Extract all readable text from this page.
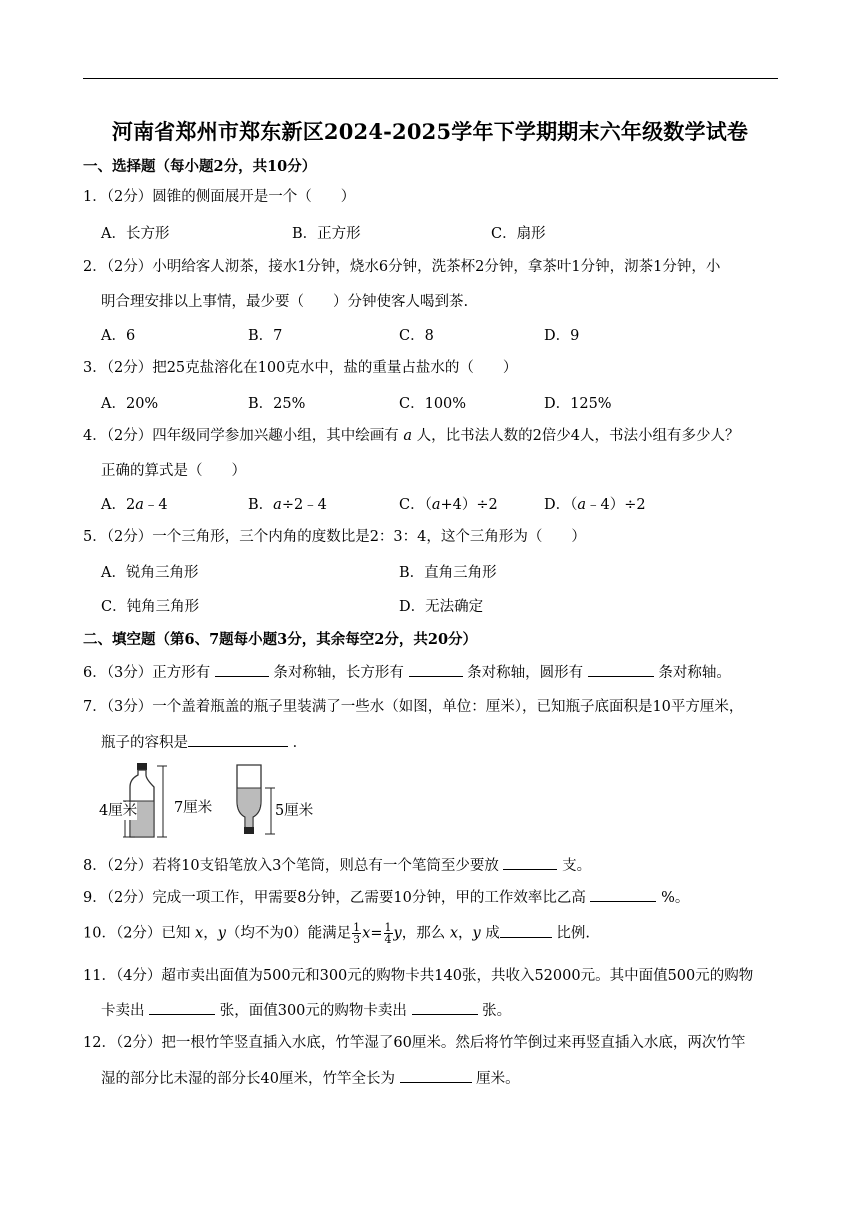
河南省郑州市郑东新区2024-2025学年下学期期末六年级数学试卷
一、选择题（每小题2分，共10分）
1．（2分）圆锥的侧面展开是一个（　　）
A．长方形	B．正方形	C．扇形
2．（2分）小明给客人沏茶，接水1分钟，烧水6分钟，洗茶杯2分钟，拿茶叶1分钟，沏茶1分钟，小
明合理安排以上事情，最少要（　　）分钟使客人喝到茶.
A．6	B．7	C．8	D．9
3．（2分）把25克盐溶化在100克水中，盐的重量占盐水的（　　）
A．20%	B．25%	C．100%	D．125%
4．（2分）四年级同学参加兴趣小组，其中绘画有 a 人，比书法人数的2倍少4人，书法小组有多少人？
正确的算式是（　　）
A．2a﹣4	B．a÷2﹣4	C．（a+4）÷2	D．（a﹣4）÷2
5．（2分）一个三角形，三个内角的度数比是2：3：4，这个三角形为（　　）
A．锐角三角形	B．直角三角形
C．钝角三角形	D．无法确定
二、填空题（第6、7题每小题3分，其余每空2分，共20分）
6．（3分）正方形有	条对称轴，长方形有	条对称轴，圆形有	条对称轴。
7．（3分）一个盖着瓶盖的瓶子里装满了一些水（如图，单位：厘米），已知瓶子底面积是10平方厘米，
瓶子的容积是	．
4厘米	7厘米	5厘米
8．（2分）若将10支铅笔放入3个笔筒，则总有一个笔筒至少要放	支。
9．（2分）完成一项工作，甲需要8分钟，乙需要10分钟，甲的工作效率比乙高	%。
10．（2分）已知 x，y（均不为0）能满足 $\frac{1}{3} x= \frac{1}{4}$ y，那么 x，y 成	比例.
11．（4分）超市卖出面值为500元和300元的购物卡共140张，共收入52000元。其中面值500元的购物
卡卖出	张，面值300元的购物卡卖出	张。
12．（2分）把一根竹竿竖直插入水底，竹竿湿了60厘米。然后将竹竿倒过来再竖直插入水底，两次竹竿
湿的部分比未湿的部分长40厘米，竹竿全长为	厘米。
